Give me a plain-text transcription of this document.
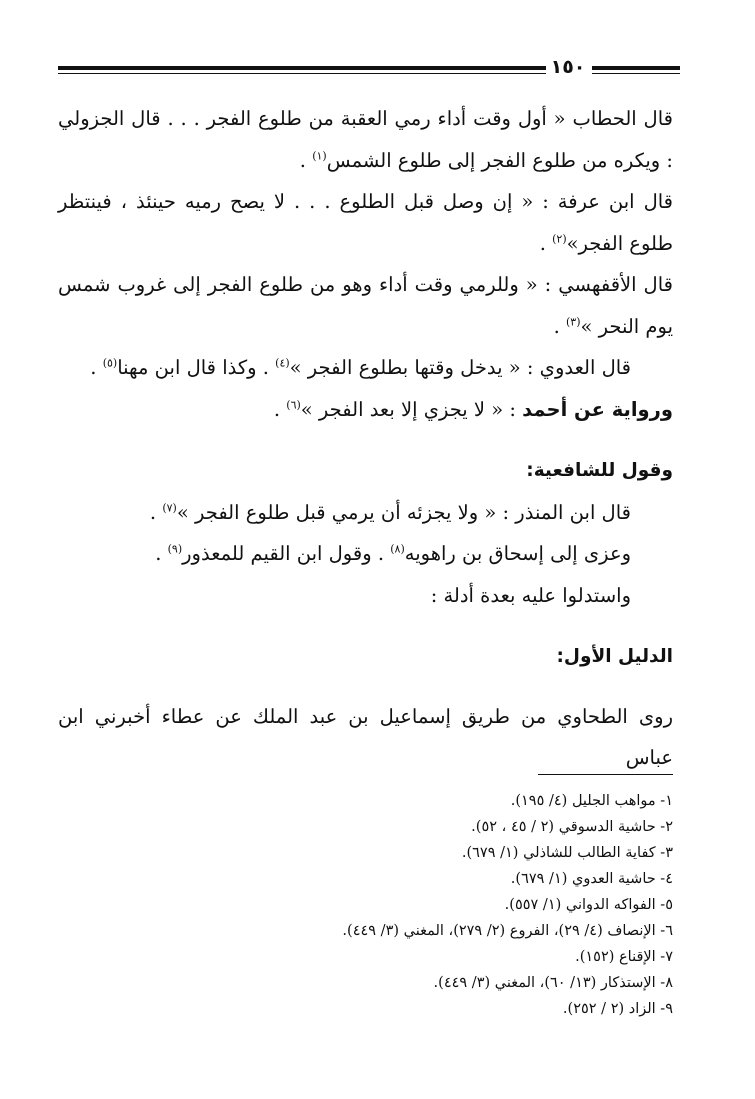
١٥٠

قال الحطاب « أول وقت أداء رمي العقبة من طلوع الفجر . . . قال الجزولي : ويكره من طلوع الفجر إلى طلوع الشمس$^{(١)}$ .

قال ابن عرفة : « إن وصل قبل الطلوع . . . لا يصح رميه حينئذ ، فينتظر طلوع الفجر»$^{(٢)}$ .

قال الأقفهسي : « وللرمي وقت أداء وهو من طلوع الفجر إلى غروب شمس يوم النحر »$^{(٣)}$ .

قال العدوي : « يدخل وقتها بطلوع الفجر »$^{(٤)}$ . وكذا قال ابن مهنا$^{(٥)}$ .

ورواية عن أحمد : « لا يجزي إلا بعد الفجر »$^{(٦)}$ .

وقول للشافعية:

قال ابن المنذر : « ولا يجزئه أن يرمي قبل طلوع الفجر »$^{(٧)}$ .

وعزى إلى إسحاق بن راهويه$^{(٨)}$ . وقول ابن القيم للمعذور$^{(٩)}$ .

واستدلوا عليه بعدة أدلة :

الدليل الأول:

روى الطحاوي من طريق إسماعيل بن عبد الملك عن عطاء أخبرني ابن عباس

١- مواهب الجليل (٤/ ١٩٥).
٢- حاشية الدسوقي (٢ / ٤٥ ، ٥٢).
٣- كفاية الطالب للشاذلي (١/ ٦٧٩).
٤- حاشية العدوي (١/ ٦٧٩).
٥- الفواكه الدواني (١/ ٥٥٧).
٦- الإنصاف (٤/ ٢٩)، الفروع (٢/ ٢٧٩)، المغني (٣/ ٤٤٩).
٧- الإقناع (١٥٢).
٨- الإستذكار (١٣/ ٦٠)، المغني (٣/ ٤٤٩).
٩- الزاد (٢ / ٢٥٢).
